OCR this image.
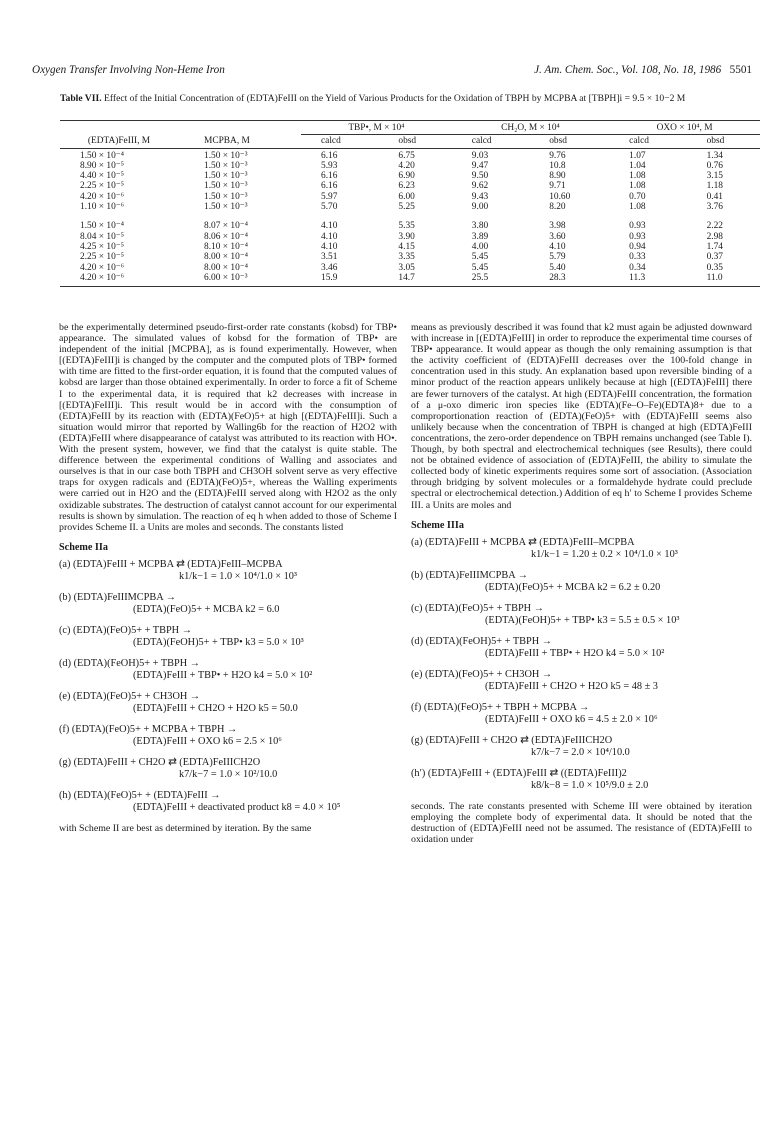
Oxygen Transfer Involving Non-Heme Iron	J. Am. Chem. Soc., Vol. 108, No. 18, 1986 5501
Table VII. Effect of the Initial Concentration of (EDTA)FeIII on the Yield of Various Products for the Oxidation of TBPH by MCPBA at [TBPH]i = 9.5 × 10−2 M
		TBP•, M × 10⁴		CH₂O, M × 10⁴		OXO × 10⁴, M	
(EDTA)FeIII, M	MCPBA, M	calcd	obsd	calcd	obsd	calcd	obsd
1.50 × 10⁻⁴	1.50 × 10⁻³	6.16	6.75	9.03	9.76	1.07	1.34
8.90 × 10⁻⁵	1.50 × 10⁻³	5.93	4.20	9.47	10.8	1.04	0.76
4.40 × 10⁻⁵	1.50 × 10⁻³	6.16	6.90	9.50	8.90	1.08	3.15
2.25 × 10⁻⁵	1.50 × 10⁻³	6.16	6.23	9.62	9.71	1.08	1.18
4.20 × 10⁻⁶	1.50 × 10⁻³	5.97	6.00	9.43	10.60	0.70	0.41
1.10 × 10⁻⁶	1.50 × 10⁻³	5.70	5.25	9.00	8.20	1.08	3.76

1.50 × 10⁻⁴	8.07 × 10⁻⁴	4.10	5.35	3.80	3.98	0.93	2.22
8.04 × 10⁻⁵	8.06 × 10⁻⁴	4.10	3.90	3.89	3.60	0.93	2.98
4.25 × 10⁻⁵	8.10 × 10⁻⁴	4.10	4.15	4.00	4.10	0.94	1.74
2.25 × 10⁻⁵	8.00 × 10⁻⁴	3.51	3.35	5.45	5.79	0.33	0.37
4.20 × 10⁻⁶	8.00 × 10⁻⁴	3.46	3.05	5.45	5.40	0.34	0.35
4.20 × 10⁻⁶	6.00 × 10⁻³	15.9	14.7	25.5	28.3	11.3	11.0

be the experimentally determined pseudo-first-order rate constants (kobsd) for TBP• appearance. The simulated values of kobsd for the formation of TBP• are independent of the initial [MCPBA], as is found experimentally. However, when [(EDTA)FeIII]i is changed by the computer and the computed plots of TBP• formed with time are fitted to the first-order equation, it is found that the computed values of kobsd are larger than those obtained experimentally. In order to force a fit of Scheme I to the experimental data, it is required that k2 decreases with increase in [(EDTA)FeIII]i. This result would be in accord with the consumption of (EDTA)FeIII by its reaction with (EDTA)(FeO)5+ at high [(EDTA)FeIII]i. Such a situation would mirror that reported by Walling6b for the reaction of H2O2 with (EDTA)FeIII where disappearance of catalyst was attributed to its reaction with HO•. With the present system, however, we find that the catalyst is quite stable. The difference between the experimental conditions of Walling and associates and ourselves is that in our case both TBPH and CH3OH solvent serve as very effective traps for oxygen radicals and (EDTA)(FeO)5+, whereas the Walling experiments were carried out in H2O and the (EDTA)FeIII served along with H2O2 as the only oxidizable substrates. The destruction of catalyst cannot account for our experimental results is shown by simulation. The reaction of eq h when added to those of Scheme I provides Scheme II. a Units are moles and seconds. The constants listed

Scheme IIa
(a) (EDTA)FeIII + MCPBA ⇄ (EDTA)FeIII–MCPBA
k1/k−1 = 1.0 × 10⁴/1.0 × 10³
(b) (EDTA)FeIIIMCPBA →
(EDTA)(FeO)5+ + MCBA k2 = 6.0
(c) (EDTA)(FeO)5+ + TBPH →
(EDTA)(FeOH)5+ + TBP• k3 = 5.0 × 10³
(d) (EDTA)(FeOH)5+ + TBPH →
(EDTA)FeIII + TBP• + H2O k4 = 5.0 × 10²
(e) (EDTA)(FeO)5+ + CH3OH →
(EDTA)FeIII + CH2O + H2O k5 = 50.0
(f) (EDTA)(FeO)5+ + MCPBA + TBPH →
(EDTA)FeIII + OXO k6 = 2.5 × 10⁶
(g) (EDTA)FeIII + CH2O ⇄ (EDTA)FeIIICH2O
k7/k−7 = 1.0 × 10²/10.0
(h) (EDTA)(FeO)5+ + (EDTA)FeIII →
(EDTA)FeIII + deactivated product k8 = 4.0 × 10⁵

with Scheme II are best as determined by iteration. By the same

means as previously described it was found that k2 must again be adjusted downward with increase in [(EDTA)FeIII] in order to reproduce the experimental time courses of TBP• appearance. It would appear as though the only remaining assumption is that the activity coefficient of (EDTA)FeIII decreases over the 100-fold change in concentration used in this study. An explanation based upon reversible binding of a minor product of the reaction appears unlikely because at high [(EDTA)FeIII] there are fewer turnovers of the catalyst. At high (EDTA)FeIII concentration, the formation of a μ-oxo dimeric iron species like (EDTA)(Fe–O–Fe)(EDTA)8+ due to a comproportionation reaction of (EDTA)(FeO)5+ with (EDTA)FeIII seems also unlikely because when the concentration of TBPH is changed at high (EDTA)FeIII concentrations, the zero-order dependence on TBPH remains unchanged (see Table I). Though, by both spectral and electrochemical techniques (see Results), there could not be obtained evidence of association of (EDTA)FeIII, the ability to simulate the collected body of kinetic experiments requires some sort of association. (Association through bridging by solvent molecules or a formaldehyde hydrate could preclude spectral or electrochemical detection.) Addition of eq h′ to Scheme I provides Scheme III. a Units are moles and

Scheme IIIa
(a) (EDTA)FeIII + MCPBA ⇄ (EDTA)FeIII–MCPBA
k1/k−1 = 1.20 ± 0.2 × 10⁴/1.0 × 10³
(b) (EDTA)FeIIIMCPBA →
(EDTA)(FeO)5+ + MCBA k2 = 6.2 ± 0.20
(c) (EDTA)(FeO)5+ + TBPH →
(EDTA)(FeOH)5+ + TBP• k3 = 5.5 ± 0.5 × 10³
(d) (EDTA)(FeOH)5+ + TBPH →
(EDTA)FeIII + TBP• + H2O k4 = 5.0 × 10²
(e) (EDTA)(FeO)5+ + CH3OH →
(EDTA)FeIII + CH2O + H2O k5 = 48 ± 3
(f) (EDTA)(FeO)5+ + TBPH + MCPBA →
(EDTA)FeIII + OXO k6 = 4.5 ± 2.0 × 10⁶
(g) (EDTA)FeIII + CH2O ⇄ (EDTA)FeIIICH2O
k7/k−7 = 2.0 × 10⁴/10.0
(h′) (EDTA)FeIII + (EDTA)FeIII ⇄ ((EDTA)FeIII)2
k8/k−8 = 1.0 × 10⁵/9.0 ± 2.0

seconds. The rate constants presented with Scheme III were obtained by iteration employing the complete body of experimental data. It should be noted that the destruction of (EDTA)FeIII need not be assumed. The resistance of (EDTA)FeIII to oxidation under
